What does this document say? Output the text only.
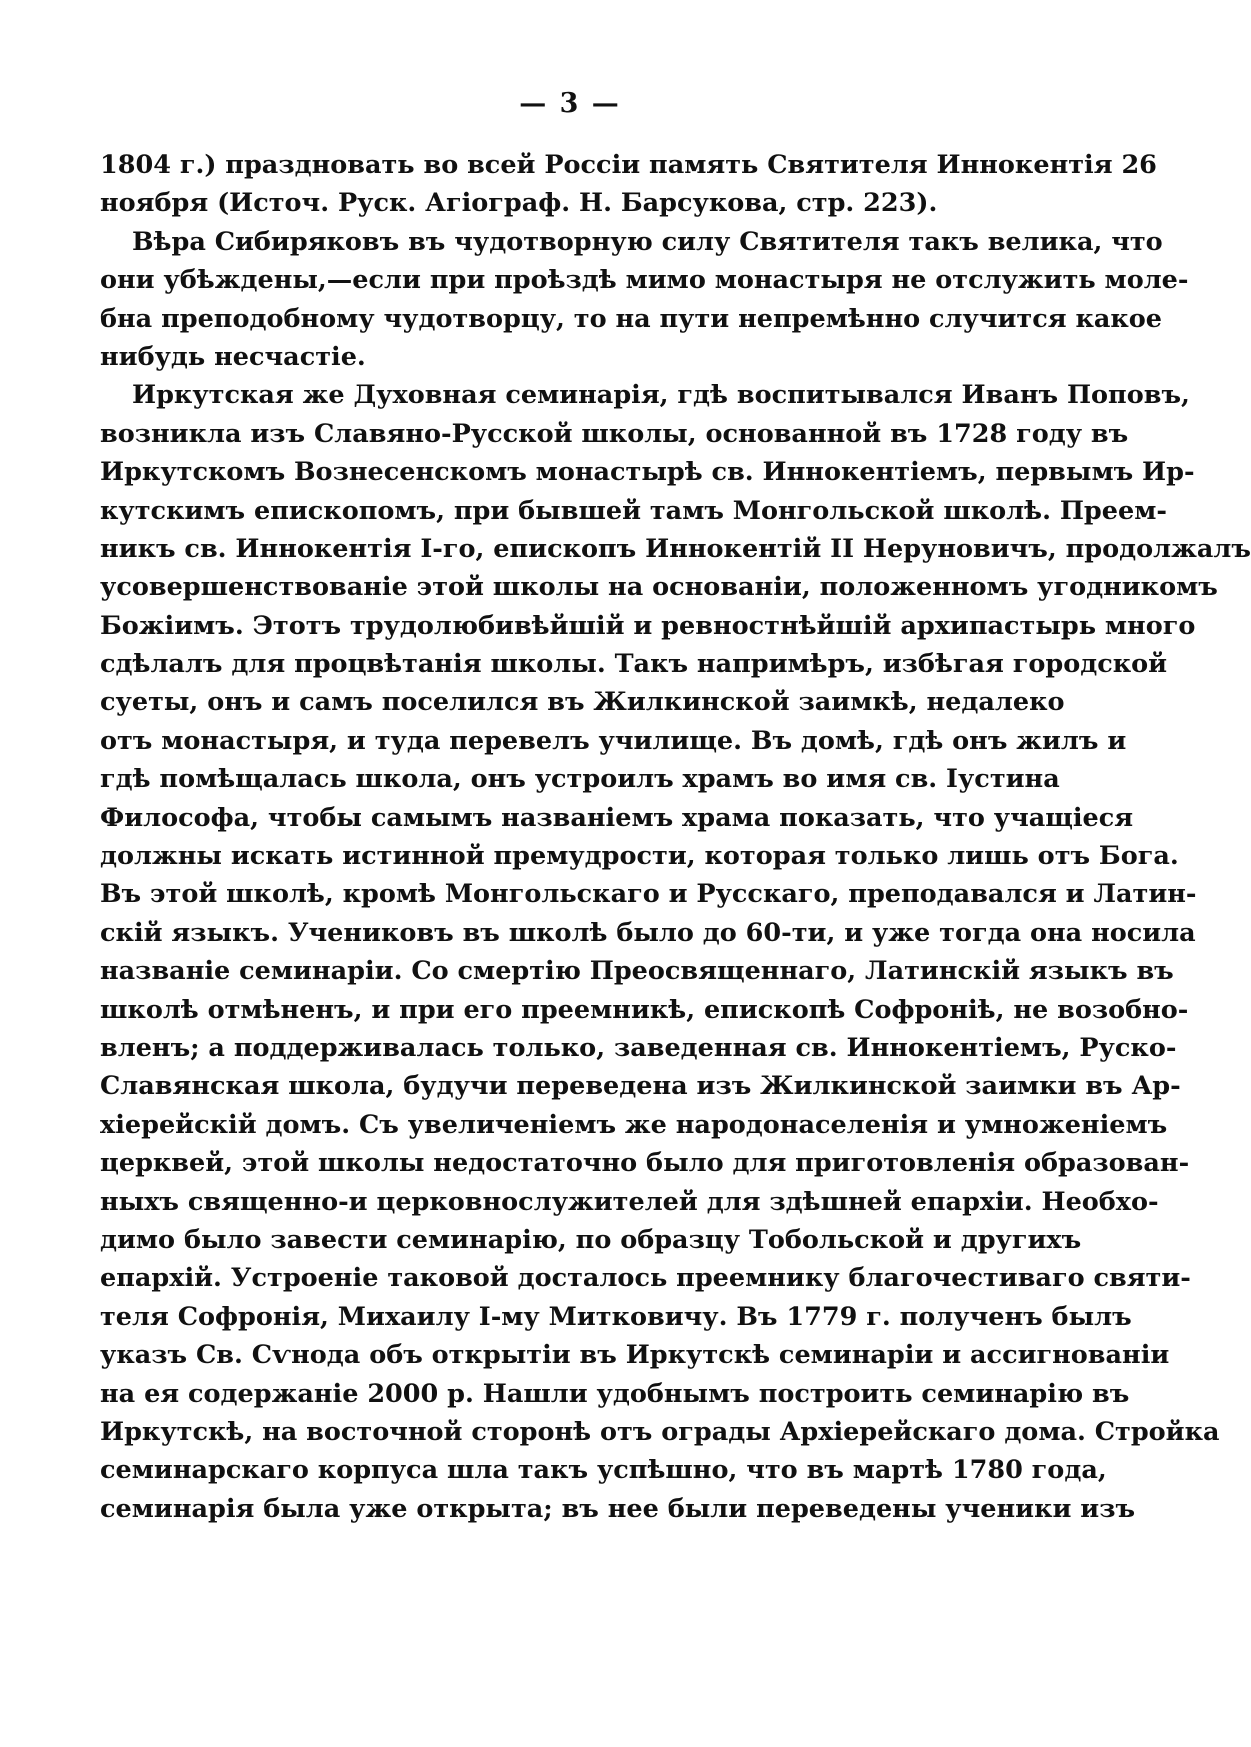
— 3 —
1804 г.) праздновать во всей Россіи память Святителя Иннокентія 26
ноября (Источ. Руск. Агіограф. Н. Барсукова, стр. 223).
Вѣра Сибиряковъ въ чудотворную силу Святителя такъ велика, что
они убѣждены,—если при проѣздѣ мимо монастыря не отслужить моле-
бна преподобному чудотворцу, то на пути непремѣнно случится какое
нибудь несчастіе.
Иркутская же Духовная семинарія, гдѣ воспитывался Иванъ Поповъ,
возникла изъ Славяно-Русской школы, основанной въ 1728 году въ
Иркутскомъ Вознесенскомъ монастырѣ св. Иннокентіемъ, первымъ Ир-
кутскимъ епископомъ, при бывшей тамъ Монгольской школѣ. Преем-
никъ св. Иннокентія І-го, епископъ Иннокентій II Неруновичъ, продолжалъ
усовершенствованіе этой школы на основаніи, положенномъ угодникомъ
Божіимъ. Этотъ трудолюбивѣйшій и ревностнѣйшій архипастырь много
сдѣлалъ для процвѣтанія школы. Такъ напримѣръ, избѣгая городской
суеты, онъ и самъ поселился въ Жилкинской заимкѣ, недалеко
отъ монастыря, и туда перевелъ училище. Въ домѣ, гдѣ онъ жилъ и
гдѣ помѣщалась школа, онъ устроилъ храмъ во имя св. Іустина
Философа, чтобы самымъ названіемъ храма показать, что учащіеся
должны искать истинной премудрости, которая только лишь отъ Бога.
Въ этой школѣ, кромѣ Монгольскаго и Русскаго, преподавался и Латин-
скій языкъ. Учениковъ въ школѣ было до 60-ти, и уже тогда она носила
названіе семинаріи. Со смертію Преосвященнаго, Латинскій языкъ въ
школѣ отмѣненъ, и при его преемникѣ, епископѣ Софроніѣ, не возобно-
вленъ; а поддерживалась только, заведенная св. Иннокентіемъ, Руско-
Славянская школа, будучи переведена изъ Жилкинской заимки въ Ар-
хіерейскій домъ. Съ увеличеніемъ же народонаселенія и умноженіемъ
церквей, этой школы недостаточно было для приготовленія образован-
ныхъ священно-и церковнослужителей для здѣшней епархіи. Необхо-
димо было завести семинарію, по образцу Тобольской и другихъ
епархій. Устроеніе таковой досталось преемнику благочестиваго святи-
теля Софронія, Михаилу І-му Митковичу. Въ 1779 г. полученъ былъ
указъ Св. Сѵнода объ открытіи въ Иркутскѣ семинаріи и ассигнованіи
на ея содержаніе 2000 р. Нашли удобнымъ построить семинарію въ
Иркутскѣ, на восточной сторонѣ отъ ограды Архіерейскаго дома. Стройка
семинарскаго корпуса шла такъ успѣшно, что въ мартѣ 1780 года,
семинарія была уже открыта; въ нее были переведены ученики изъ
